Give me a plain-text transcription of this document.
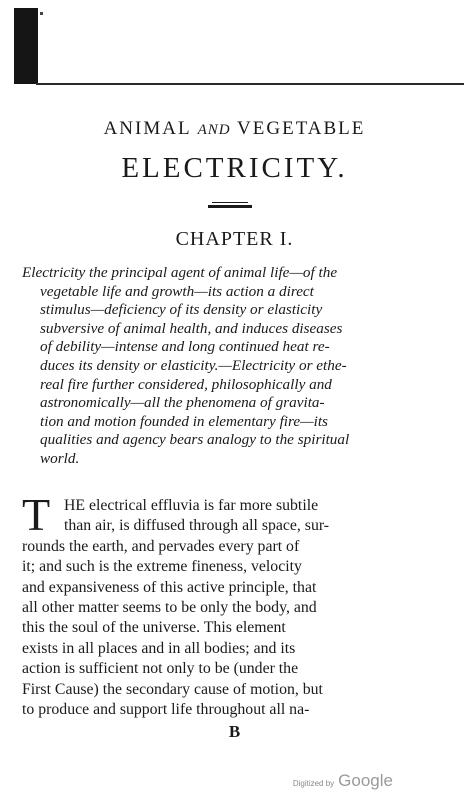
ANIMAL AND VEGETABLE
ELECTRICITY.
CHAPTER I.
Electricity the principal agent of animal life—of the
vegetable life and growth—its action a direct
stimulus—deficiency of its density or elasticity
subversive of animal health, and induces diseases
of debility—intense and long continued heat re-
duces its density or elasticity.—Electricity or ethe-
real fire further considered, philosophically and
astronomically—all the phenomena of gravita-
tion and motion founded in elementary fire—its
qualities and agency bears analogy to the spiritual
world.
T HE electrical effluvia is far more subtile
than air, is diffused through all space, sur-
rounds the earth, and pervades every part of
it; and such is the extreme fineness, velocity
and expansiveness of this active principle, that
all other matter seems to be only the body, and
this the soul of the universe. This element
exists in all places and in all bodies; and its
action is sufficient not only to be (under the
First Cause) the secondary cause of motion, but
to produce and support life throughout all na-
B
Digitized by Google
